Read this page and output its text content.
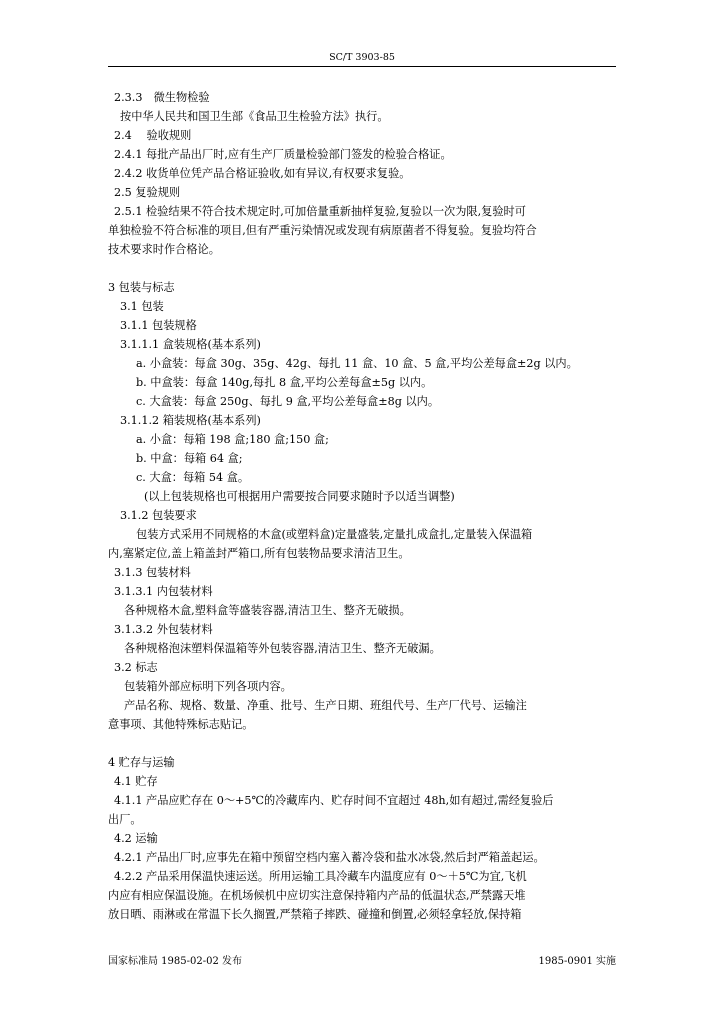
SC/T 3903-85
2.3.3　微生物检验
按中华人民共和国卫生部《食品卫生检验方法》执行。
2.4　 验收规则
2.4.1 每批产品出厂时,应有生产厂质量检验部门签发的检验合格证。
2.4.2 收货单位凭产品合格证验收,如有异议,有权要求复验。
2.5 复验规则
2.5.1 检验结果不符合技术规定时,可加倍量重新抽样复验,复验以一次为限,复验时可
单独检验不符合标准的项目,但有严重污染情况或发现有病原菌者不得复验。复验均符合
技术要求时作合格论。
3 包装与标志
3.1 包装
3.1.1 包装规格
3.1.1.1 盒装规格(基本系列)
a. 小盒装：每盒 30g、35g、42g、每扎 11 盒、10 盒、5 盒,平均公差每盒±2g 以内。
b. 中盒装：每盒 140g,每扎 8 盒,平均公差每盒±5g 以内。
c. 大盒装：每盒 250g、每扎 9 盒,平均公差每盒±8g 以内。
3.1.1.2 箱装规格(基本系列)
a. 小盒：每箱 198 盒;180 盒;150 盒;
b. 中盒：每箱 64 盒;
c. 大盒：每箱 54 盒。
(以上包装规格也可根据用户需要按合同要求随时予以适当调整)
3.1.2 包装要求
包装方式采用不同规格的木盒(或塑料盒)定量盛装,定量扎成盒扎,定量装入保温箱
内,塞紧定位,盖上箱盖封严箱口,所有包装物品要求清洁卫生。
3.1.3 包装材料
3.1.3.1 内包装材料
各种规格木盒,塑料盒等盛装容器,清洁卫生、整齐无破损。
3.1.3.2 外包装材料
各种规格泡沫塑料保温箱等外包装容器,清洁卫生、整齐无破漏。
3.2 标志
包装箱外部应标明下列各项内容。
产品名称、规格、数量、净重、批号、生产日期、班组代号、生产厂代号、运输注
意事项、其他特殊标志贴记。
4 贮存与运输
4.1 贮存
4.1.1 产品应贮存在 0～+5℃的冷藏库内、贮存时间不宜超过 48h,如有超过,需经复验后
出厂。
4.2 运输
4.2.1 产品出厂时,应事先在箱中预留空档内塞入蓄冷袋和盐水冰袋,然后封严箱盖起运。
4.2.2 产品采用保温快速运送。所用运输工具冷藏车内温度应有 0～＋5℃为宜,飞机
内应有相应保温设施。在机场候机中应切实注意保持箱内产品的低温状态,严禁露天堆
放日晒、雨淋或在常温下长久搁置,严禁箱子摔跌、碰撞和倒置,必须轻拿轻放,保持箱
国家标准局 1985-02-02 发布	1985-0901 实施
